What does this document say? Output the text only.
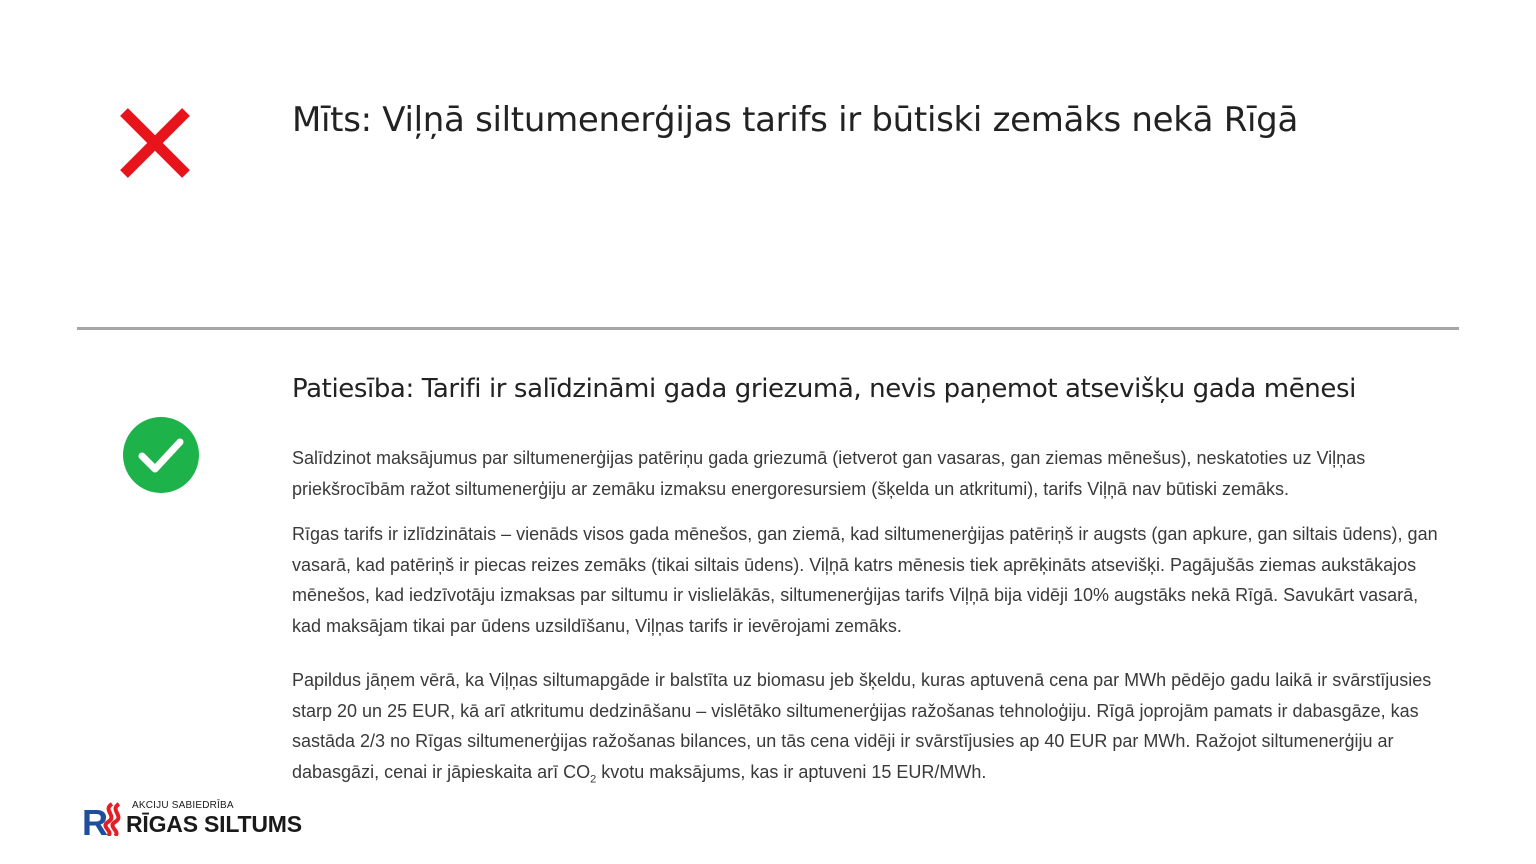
Mīts: Viļņā siltumenerģijas tarifs ir būtiski zemāks nekā Rīgā
Patiesība: Tarifi ir salīdzināmi gada griezumā, nevis paņemot atsevišķu gada mēnesi

Salīdzinot maksājumus par siltumenerģijas patēriņu gada griezumā (ietverot gan vasaras, gan ziemas mēnešus), neskatoties uz Viļņas priekšrocībām ražot siltumenerģiju ar zemāku izmaksu energoresursiem (šķelda un atkritumi), tarifs Viļņā nav būtiski zemāks.

Rīgas tarifs ir izlīdzinātais – vienāds visos gada mēnešos, gan ziemā, kad siltumenerģijas patēriņš ir augsts (gan apkure, gan siltais ūdens), gan vasarā, kad patēriņš ir piecas reizes zemāks (tikai siltais ūdens). Viļņā katrs mēnesis tiek aprēķināts atsevišķi. Pagājušās ziemas aukstākajos mēnešos, kad iedzīvotāju izmaksas par siltumu ir vislielākās, siltumenerģijas tarifs Viļņā bija vidēji 10% augstāks nekā Rīgā. Savukārt vasarā, kad maksājam tikai par ūdens uzsildīšanu, Viļņas tarifs ir ievērojami zemāks.

Papildus jāņem vērā, ka Viļņas siltumapgāde ir balstīta uz biomasu jeb šķeldu, kuras aptuvenā cena par MWh pēdējo gadu laikā ir svārstījusies starp 20 un 25 EUR, kā arī atkritumu dedzināšanu – vislētāko siltumenerģijas ražošanas tehnoloģiju. Rīgā joprojām pamats ir dabasgāze, kas sastāda 2/3 no Rīgas siltumenerģijas ražošanas bilances, un tās cena vidēji ir svārstījusies ap 40 EUR par MWh. Ražojot siltumenerģiju ar dabasgāzi, cenai ir jāpieskaita arī $CO_2$ kvotu maksājums, kas ir aptuveni 15 EUR/MWh.

R AKCIJU SABIEDRĪBA
RĪGAS SILTUMS
